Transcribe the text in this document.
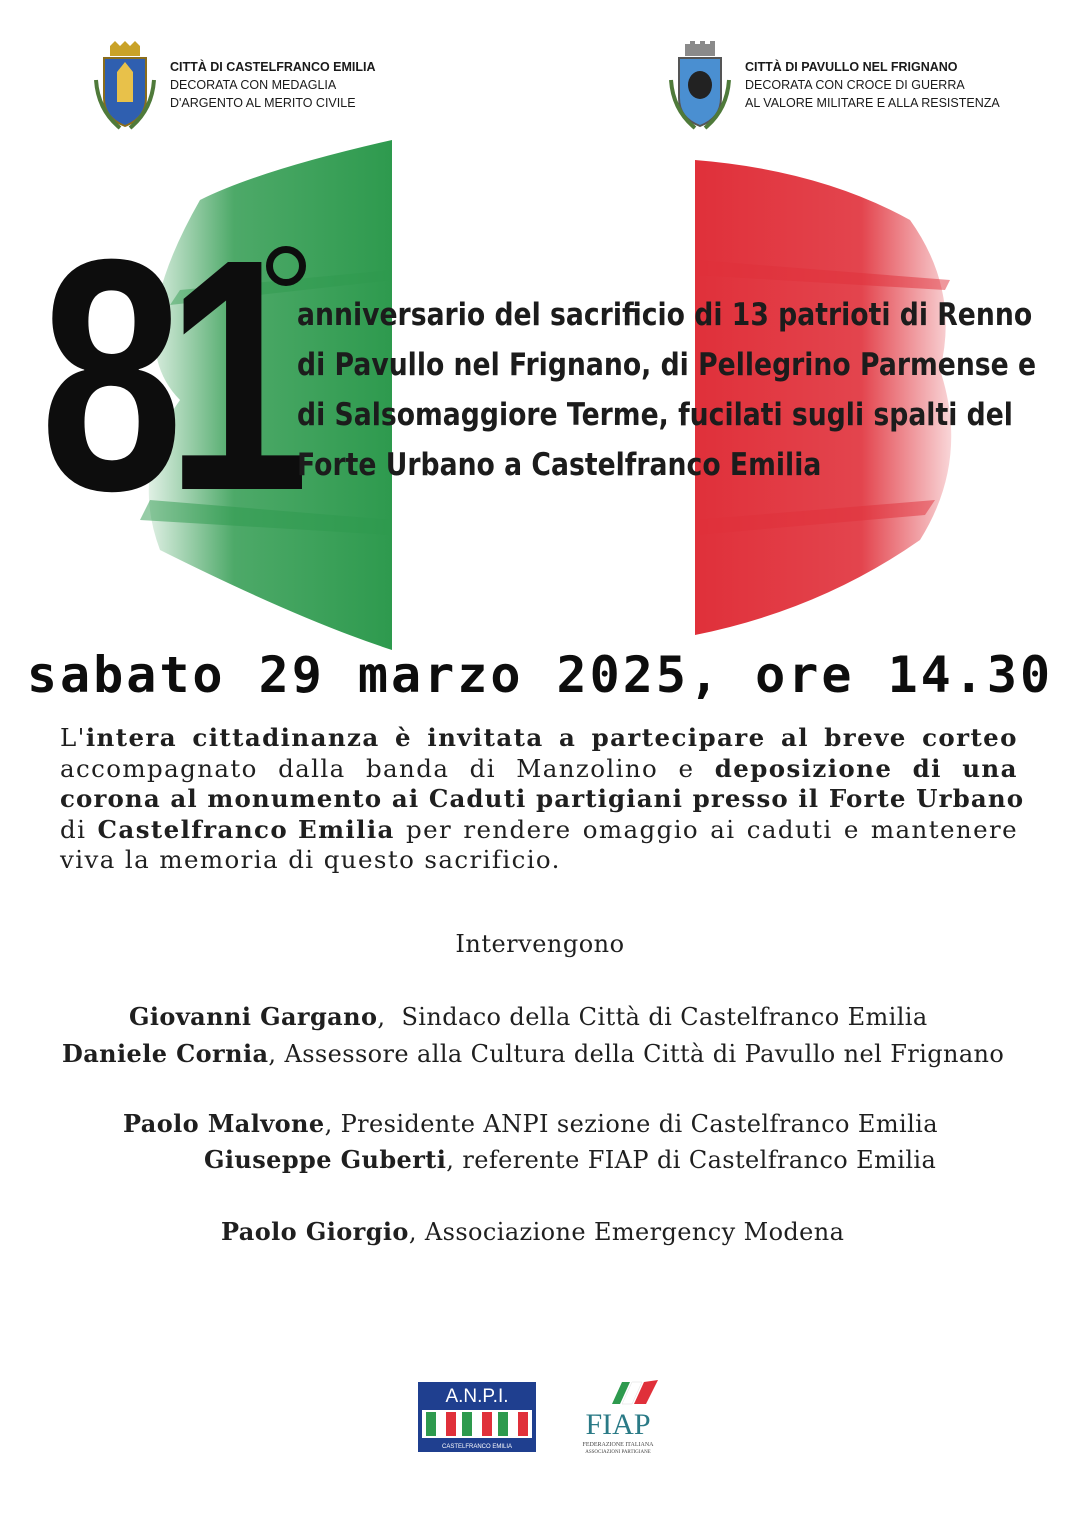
CITTÀ DI CASTELFRANCO EMILIA
DECORATA CON MEDAGLIA
D'ARGENTO AL MERITO CIVILE
CITTÀ DI PAVULLO NEL FRIGNANO
DECORATA CON CROCE DI GUERRA
AL VALORE MILITARE E ALLA RESISTENZA
81 anniversario del sacrificio di 13 patrioti di Renno
di Pavullo nel Frignano, di Pellegrino Parmense e
di Salsomaggiore Terme, fucilati sugli spalti del
Forte Urbano a Castelfranco Emilia
sabato 29 marzo 2025, ore 14.30
L'intera cittadinanza è invitata a partecipare al breve corteo
accompagnato dalla banda di Manzolino e deposizione di una
corona al monumento ai Caduti partigiani presso il Forte Urbano
di Castelfranco Emilia per rendere omaggio ai caduti e mantenere
viva la memoria di questo sacrificio.
Intervengono
Giovanni Gargano,  Sindaco della Città di Castelfranco Emilia
Daniele Cornia, Assessore alla Cultura della Città di Pavullo nel Frignano
Paolo Malvone, Presidente ANPI sezione di Castelfranco Emilia
Giuseppe Guberti, referente FIAP di Castelfranco Emilia
Paolo Giorgio, Associazione Emergency Modena
A.N.P.I.
CASTELFRANCO EMILIA
FIAP
FEDERAZIONE ITALIANA
ASSOCIAZIONI PARTIGIANE
